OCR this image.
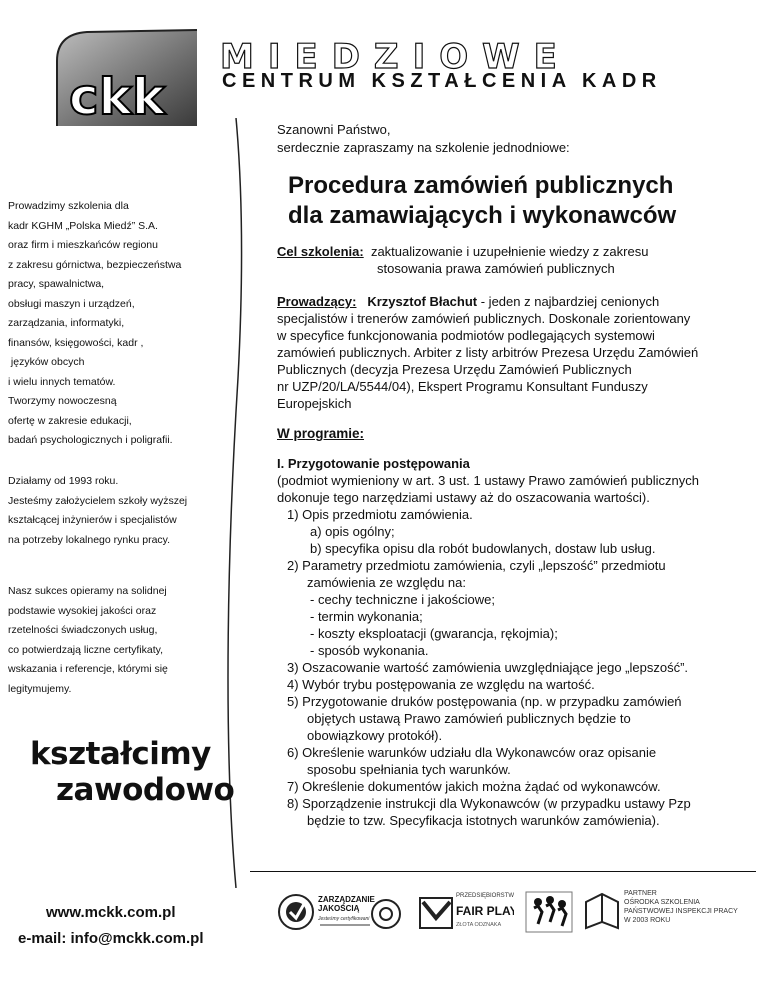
ckk
MIEDZIOWE
CENTRUM KSZTAŁCENIA KADR
Prowadzimy szkolenia dla
kadr KGHM „Polska Miedź” S.A.
oraz firm i mieszkańców regionu
z zakresu górnictwa, bezpieczeństwa
pracy, spawalnictwa,
obsługi maszyn i urządzeń,
zarządzania, informatyki,
finansów, księgowości, kadr ,
języków obcych
i wielu innych tematów.
Tworzymy nowoczesną
ofertę w zakresie edukacji,
badań psychologicznych i poligrafii.
Działamy od 1993 roku.
Jesteśmy założycielem szkoły wyższej
kształcącej inżynierów i specjalistów
na potrzeby lokalnego rynku pracy.
Nasz sukces opieramy na solidnej
podstawie wysokiej jakości oraz
rzetelności świadczonych usług,
co potwierdzają liczne certyfikaty,
wskazania i referencje, którymi się
legitymujemy.
kształcimy
zawodowo
www.mckk.com.pl
e-mail: info@mckk.com.pl
Szanowni Państwo,
serdecznie zapraszamy na szkolenie jednodniowe:
Procedura zamówień publicznych
dla zamawiających i wykonawców
Cel szkolenia: zaktualizowanie i uzupełnienie wiedzy z zakresu
stosowania prawa zamówień publicznych
Prowadzący: Krzysztof Błachut - jeden z najbardziej cenionych
specjalistów i trenerów zamówień publicznych. Doskonale zorientowany
w specyfice funkcjonowania podmiotów podlegających systemowi
zamówień publicznych. Arbiter z listy arbitrów Prezesa Urzędu Zamówień
Publicznych (decyzja Prezesa Urzędu Zamówień Publicznych
nr UZP/20/LA/5544/04), Ekspert Programu Konsultant Funduszy
Europejskich
W programie:
I. Przygotowanie postępowania
(podmiot wymieniony w art. 3 ust. 1 ustawy Prawo zamówień publicznych
dokonuje tego narzędziami ustawy aż do oszacowania wartości).
1) Opis przedmiotu zamówienia.
a) opis ogólny;
b) specyfika opisu dla robót budowlanych, dostaw lub usług.
2) Parametry przedmiotu zamówienia, czyli „lepszość” przedmiotu
zamówienia ze względu na:
- cechy techniczne i jakościowe;
- termin wykonania;
- koszty eksploatacji (gwarancja, rękojmia);
- sposób wykonania.
3) Oszacowanie wartość zamówienia uwzględniające jego „lepszość”.
4) Wybór trybu postępowania ze względu na wartość.
5) Przygotowanie druków postępowania (np. w przypadku zamówień
objętych ustawą Prawo zamówień publicznych będzie to
obowiązkowy protokół).
6) Określenie warunków udziału dla Wykonawców oraz opisanie
sposobu spełniania tych warunków.
7) Określenie dokumentów jakich można żądać od wykonawców.
8) Sporządzenie instrukcji dla Wykonawców (w przypadku ustawy Pzp
będzie to tzw. Specyfikacja istotnych warunków zamówienia).
ZARZĄDZANIE
JAKOŚCIĄ
Jesteśmy certyfikowani
PRZEDSIĘBIORSTWO
FAIR PLAY
ZŁOTA ODZNAKA
PARTNER
OŚRODKA SZKOLENIA
PAŃSTWOWEJ INSPEKCJI PRACY
W 2003 ROKU
